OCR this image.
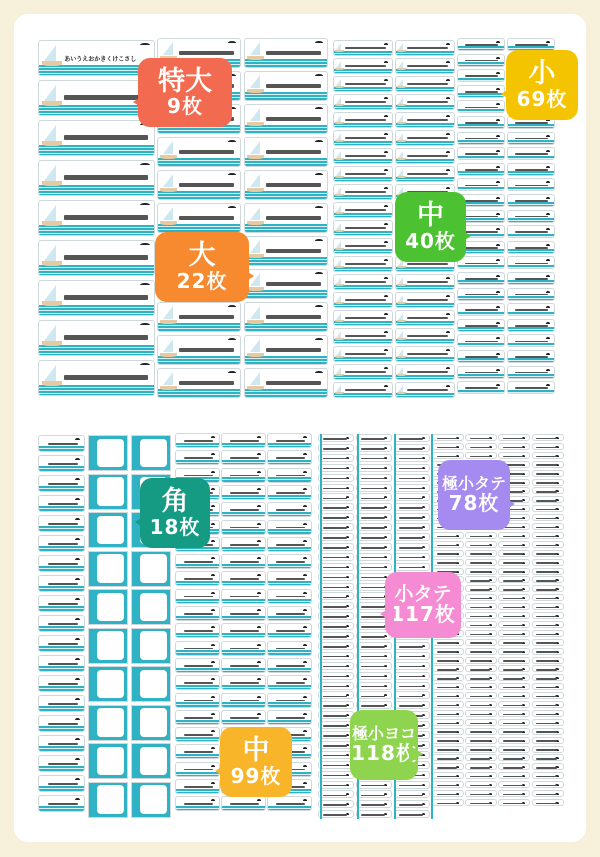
あいうえおかきくけこさし
特大
9枚
大
22枚
小
69枚
中
40枚
角
18枚
極小タテ
78枚
小タテ
117枚
極小ヨコ
118枚
中
99枚
